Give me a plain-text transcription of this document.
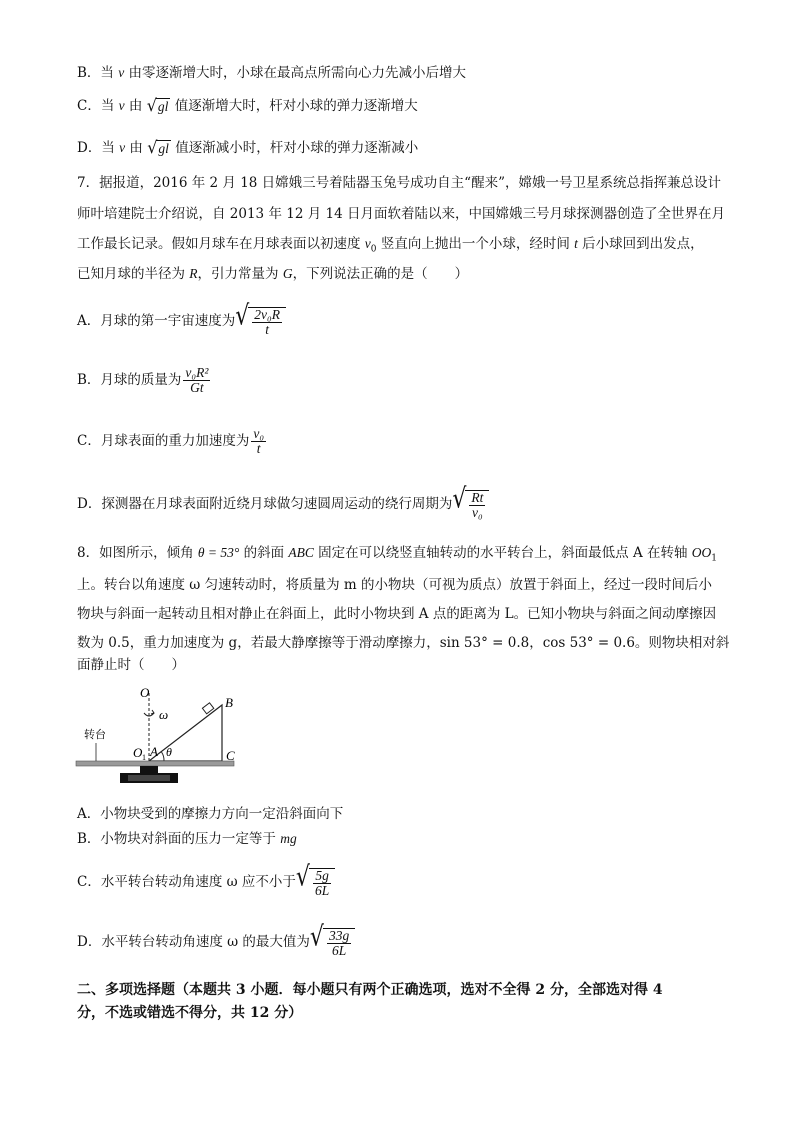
B．当 v 由零逐渐增大时，小球在最高点所需向心力先减小后增大
C．当 v 由 √ gl 值逐渐增大时，杆对小球的弹力逐渐增大
D．当 v 由 √ gl 值逐渐减小时，杆对小球的弹力逐渐减小
7．据报道，2016 年 2 月 18 日嫦娥三号着陆器玉兔号成功自主“醒来”，嫦娥一号卫星系统总指挥兼总设计
师叶培建院士介绍说，自 2013 年 12 月 14 日月面软着陆以来，中国嫦娥三号月球探测器创造了全世界在月
工作最长记录。假如月球车在月球表面以初速度 $v_0$ 竖直向上抛出一个小球，经时间 t 后小球回到出发点，
已知月球的半径为 R，引力常量为 G，下列说法正确的是（　　）
A．月球的第一宇宙速度为 √ $\frac{\text{2v₀R}}{t}$
B．月球的质量为 $\frac{\text{v₀R²}}{Gt}$
C．月球表面的重力加速度为 $\frac{\text{v₀}}{t}$
D．探测器在月球表面附近绕月球做匀速圆周运动的绕行周期为 √ $\frac{Rt}{\text{v₀}}$
8．如图所示，倾角 θ = 53° 的斜面 ABC 固定在可以绕竖直轴转动的水平转台上，斜面最低点 A 在转轴 $OO_1$
上。转台以角速度 ω 匀速转动时，将质量为 m 的小物块（可视为质点）放置于斜面上，经过一段时间后小
物块与斜面一起转动且相对静止在斜面上，此时小物块到 A 点的距离为 L。已知小物块与斜面之间动摩擦因
数为 0.5，重力加速度为 g，若最大静摩擦等于滑动摩擦力，sin 53° = 0.8，cos 53° = 0.6。则物块相对斜
面静止时（　　）
O
ω
B
转台
O 1 A θ	C
A．小物块受到的摩擦力方向一定沿斜面向下
B．小物块对斜面的压力一定等于 mg
C．水平转台转动角速度 ω 应不小于 √ $\frac{5g}{6L}$
D．水平转台转动角速度 ω 的最大值为 √ $\frac{33g}{6L}$
二、多项选择题（本题共 3 小题．每小题只有两个正确选项，选对不全得 2 分，全部选对得 4
分，不选或错选不得分，共 12 分）
